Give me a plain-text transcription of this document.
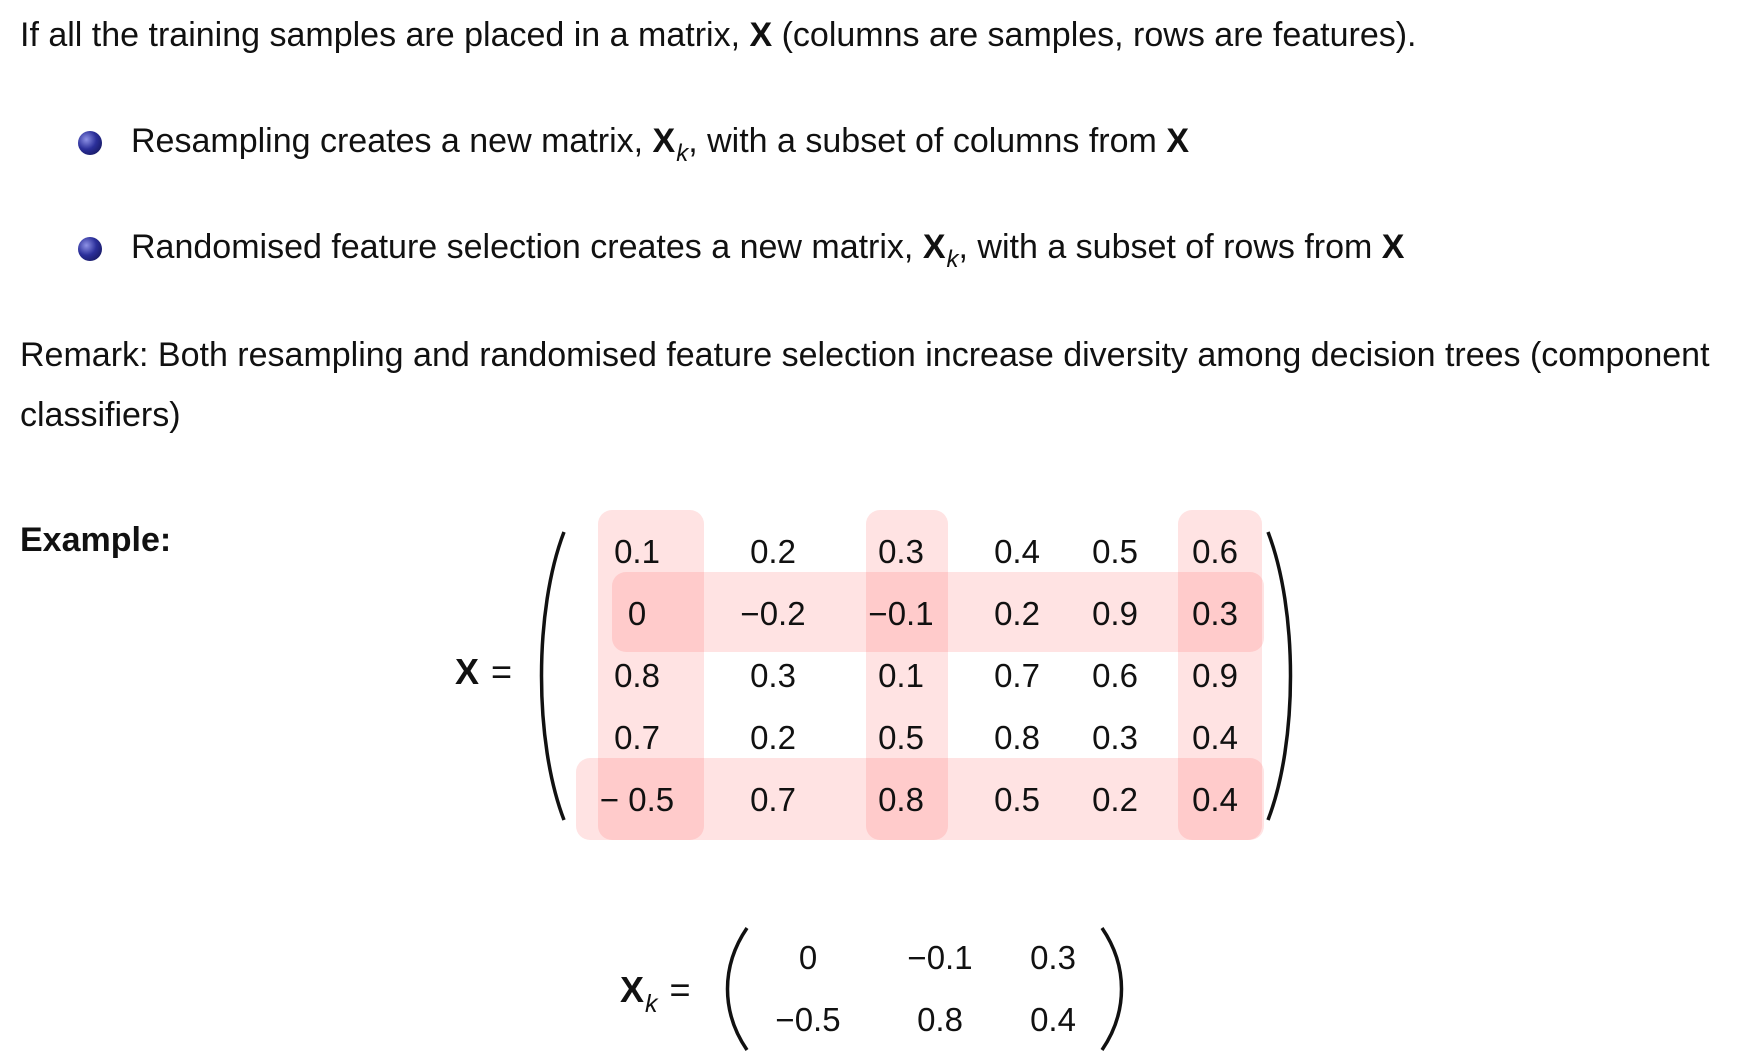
If all the training samples are placed in a matrix, X (columns are samples, rows are features).
Resampling creates a new matrix, $X_k$, with a subset of columns from X
Randomised feature selection creates a new matrix, $X_k$, with a subset of rows from X
Remark: Both resampling and randomised feature selection increase diversity among decision trees (component
classifiers)
Example:
X =
0.1	0.2	0.3	0.4	0.5	0.6
0	−0.2	−0.1	0.2	0.9	0.3
0.8	0.3	0.1	0.7	0.6	0.9
0.7	0.2	0.5	0.8	0.3	0.4
− 0.5	0.7	0.8	0.5	0.2	0.4
$X_k$ =
0	−0.1	0.3
−0.5	0.8	0.4
